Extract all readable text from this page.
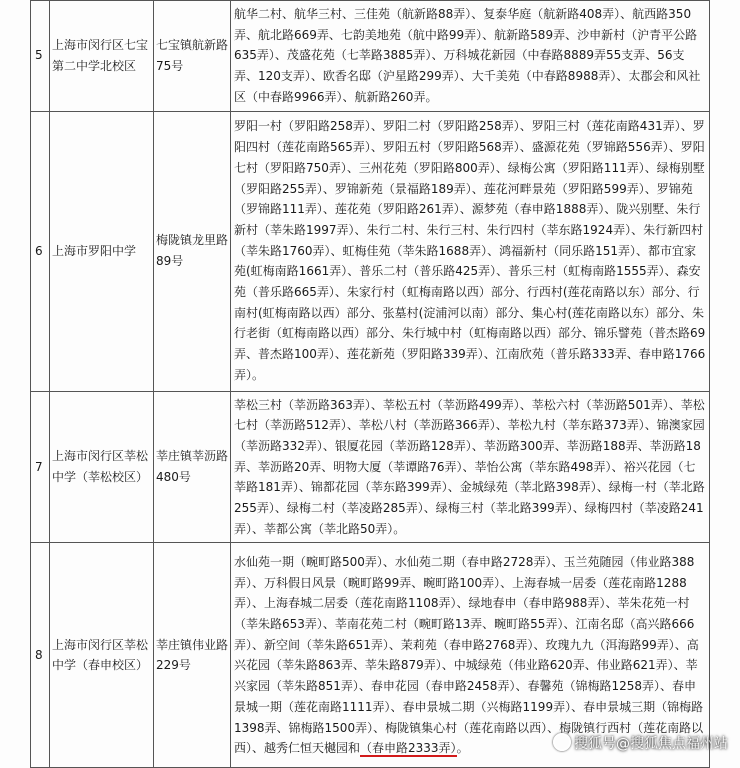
5	上海市闵行区七宝第二中学北校区	七宝镇航新路75号	航华二村、航华三村、三佳苑（航新路88弄）、复泰华庭（航新路408弄）、航西路350弄、航北路669弄、七韵美地苑（航中路99弄）、航新路589弄、沙申新村（沪青平公路635弄）、茂盛花苑（七莘路3885弄）、万科城花新园（中春路8889弄55支弄、56支弄、120支弄）、欧香名邸（沪星路299弄）、大千美苑（中春路8988弄）、太郡会和风社区（中春路9966弄）、航新路260弄。

6	上海市罗阳中学	梅陇镇龙里路89号	罗阳一村（罗阳路258弄）、罗阳二村（罗阳路258弄）、罗阳三村（莲花南路431弄）、罗阳四村（莲花南路565弄）、罗阳五村（罗阳路568弄）、盛源花苑（罗锦路556弄）、罗阳七村（罗阳路750弄）、三州花苑（罗阳路800弄）、绿梅公寓（罗阳路111弄）、绿梅别墅（罗阳路255弄）、罗锦新苑（景福路189弄）、莲花河畔景苑（罗阳路599弄）、罗锦苑（罗锦路111弄）、莲花苑（罗阳路261弄）、源梦苑（春申路1888弄）、陇兴别墅、朱行新村（莘朱路1997弄）、朱行二村、朱行三村、朱行四村（莘东路1924弄）、朱行新四村（莘朱路1760弄）、虹梅佳苑（莘朱路1688弄）、鸿福新村（同乐路151弄）、都市宜家苑(虹梅南路1661弄）、普乐二村（普乐路425弄）、普乐三村（虹梅南路1555弄）、森安苑（普乐路665弄）、朱家行村（虹梅南路以西）部分、行西村(莲花南路以东）部分、行南村(虹梅南路以西）部分、张墓村(淀浦河以南）部分、集心村(莲花南路以东）部分、朱行老街（虹梅南路以西）部分、朱行城中村（虹梅南路以西）部分、锦乐譬苑（普杰路69弄、普杰路100弄）、莲花新苑（罗阳路339弄）、江南欣苑（普乐路333弄、春申路1766弄）。

7	上海市闵行区莘松中学（莘松校区）	莘庄镇莘沥路480号	莘松三村（莘沥路363弄）、莘松五村（莘沥路499弄）、莘松六村（莘沥路501弄）、莘松七村（莘沥路512弄）、莘松八村（莘沥路366弄）、莘松九村（莘东路373弄）、锦澳家园（莘沥路332弄）、银厦花园（莘沥路128弄）、莘沥路300弄、莘沥路188弄、莘沥路18弄、莘沥路20弄、明物大厦（莘谭路76弄）、莘怡公寓（莘东路498弄）、裕兴花园（七莘路181弄）、锦都花园（莘东路399弄）、金城绿苑（莘北路398弄）、绿梅一村（莘北路255弄）、绿梅二村（莘凌路285弄）、绿梅三村（莘北路399弄）、绿梅四村（莘凌路241弄）、莘都公寓（莘北路50弄）。

8	上海市闵行区莘松中学（春申校区）	莘庄镇伟业路229号	水仙苑一期（畹町路500弄）、水仙苑二期（春申路2728弄）、玉兰苑随园（伟业路388弄）、万科假日风景（畹町路99弄、畹町路100弄）、上海春城一居委（莲花南路1288弄）、上海春城二居委（莲花南路1108弄）、绿地春申（春申路988弄）、莘朱花苑一村（莘朱路653弄）、莘南花苑二村（畹町路13弄、畹町路55弄）、江南名邸（高兴路666弄）、新空间（莘朱路651弄）、茉莉苑（春申路2768弄）、玫瑰九九（洱海路99弄）、高兴花园（莘朱路863弄、莘朱路879弄）、中城绿苑（伟业路620弄、伟业路621弄）、莘兴家园（莘朱路851弄）、春申花园（春申路2458弄）、春馨苑（锦梅路1258弄）、春申景城一期（莲花南路1111弄）、春申景城二期（兴梅路1199弄）、春申景城三期（锦梅路1398弄、锦梅路1500弄）、梅陇镇集心村（莲花南路以西）、梅陇镇行西村（莲花南路以西）、越秀仁恒天樾园和（春申路2333弄）。	搜狐号@搜狐焦点福州站
